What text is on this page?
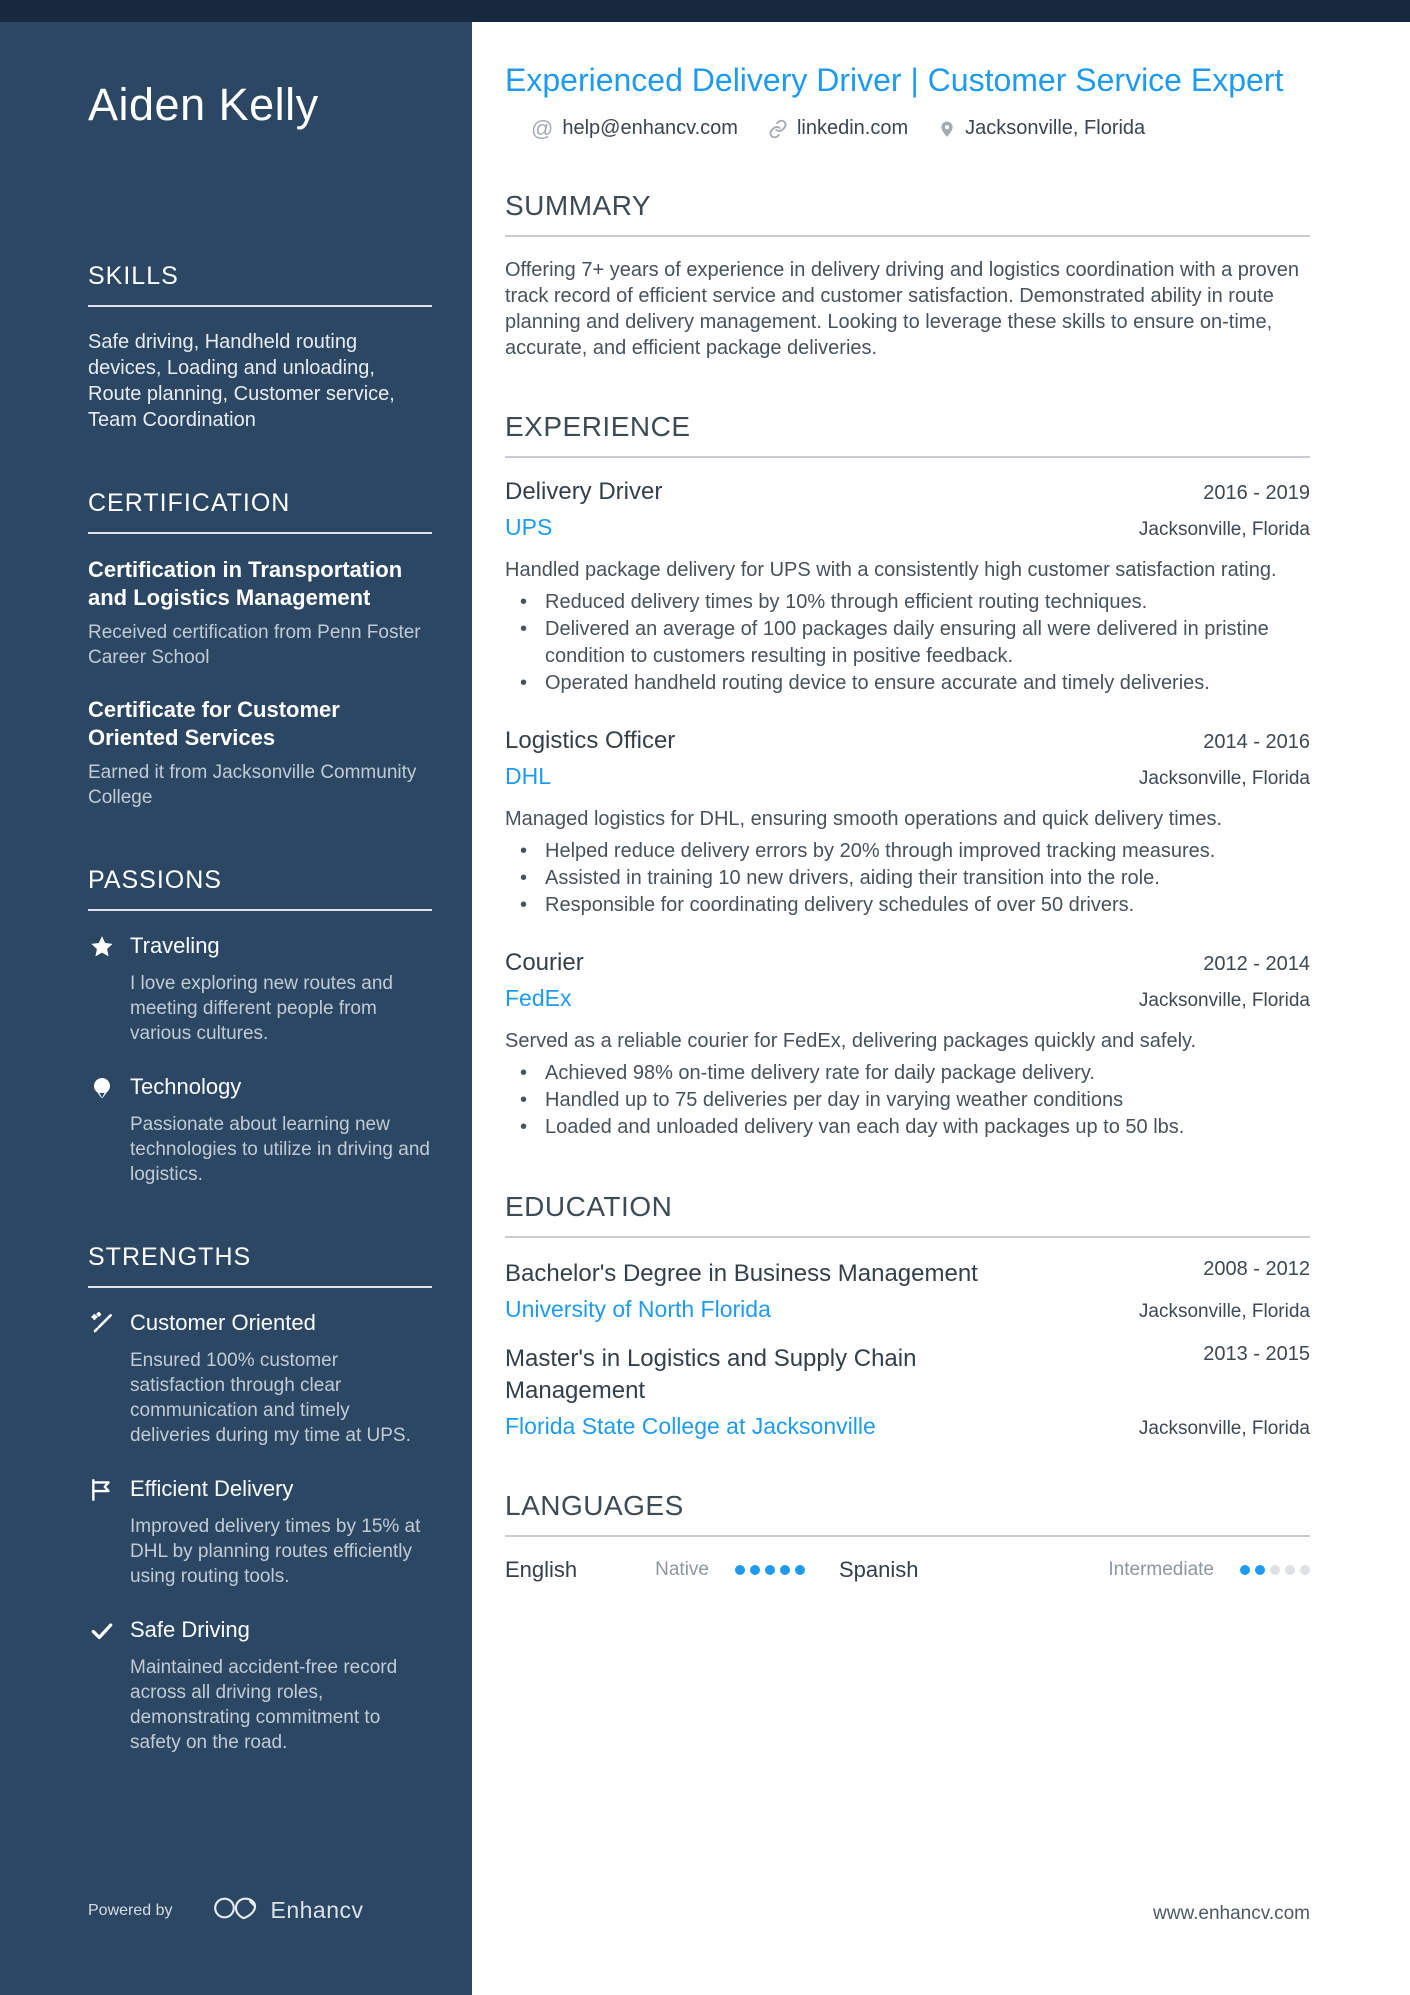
Aiden Kelly
SKILLS

Safe driving, Handheld routing devices, Loading and unloading, Route planning, Customer service, Team Coordination

CERTIFICATION
Certification in Transportation and Logistics Management
Received certification from Penn Foster Career School
Certificate for Customer Oriented Services
Earned it from Jacksonville Community College
PASSIONS
Traveling
I love exploring new routes and meeting different people from various cultures.
Technology
Passionate about learning new technologies to utilize in driving and logistics.
STRENGTHS
Customer Oriented
Ensured 100% customer satisfaction through clear communication and timely deliveries during my time at UPS.
Efficient Delivery
Improved delivery times by 15% at DHL by planning routes efficiently using routing tools.
Safe Driving
Maintained accident-free record across all driving roles, demonstrating commitment to safety on the road.
Powered by	Enhancv
Experienced Delivery Driver | Customer Service Expert
@ help@enhancv.com	linkedin.com	Jacksonville, Florida
SUMMARY

Offering 7+ years of experience in delivery driving and logistics coordination with a proven track record of efficient service and customer satisfaction. Demonstrated ability in route planning and delivery management. Looking to leverage these skills to ensure on-time, accurate, and efficient package deliveries.

EXPERIENCE
Delivery Driver	2016 - 2019
UPS	Jacksonville, Florida

Handled package delivery for UPS with a consistently high customer satisfaction rating.

• Reduced delivery times by 10% through efficient routing techniques.
• Delivered an average of 100 packages daily ensuring all were delivered in pristine condition to customers resulting in positive feedback.
• Operated handheld routing device to ensure accurate and timely deliveries.
Logistics Officer	2014 - 2016
DHL	Jacksonville, Florida

Managed logistics for DHL, ensuring smooth operations and quick delivery times.

• Helped reduce delivery errors by 20% through improved tracking measures.
• Assisted in training 10 new drivers, aiding their transition into the role.
• Responsible for coordinating delivery schedules of over 50 drivers.
Courier	2012 - 2014
FedEx	Jacksonville, Florida

Served as a reliable courier for FedEx, delivering packages quickly and safely.

• Achieved 98% on-time delivery rate for daily package delivery.
• Handled up to 75 deliveries per day in varying weather conditions
• Loaded and unloaded delivery van each day with packages up to 50 lbs.
EDUCATION
Bachelor's Degree in Business Management	2008 - 2012
University of North Florida	Jacksonville, Florida
Master's in Logistics and Supply Chain Management
2013 - 2015
Florida State College at Jacksonville	Jacksonville, Florida
LANGUAGES
English	Native	Spanish	Intermediate
www.enhancv.com
